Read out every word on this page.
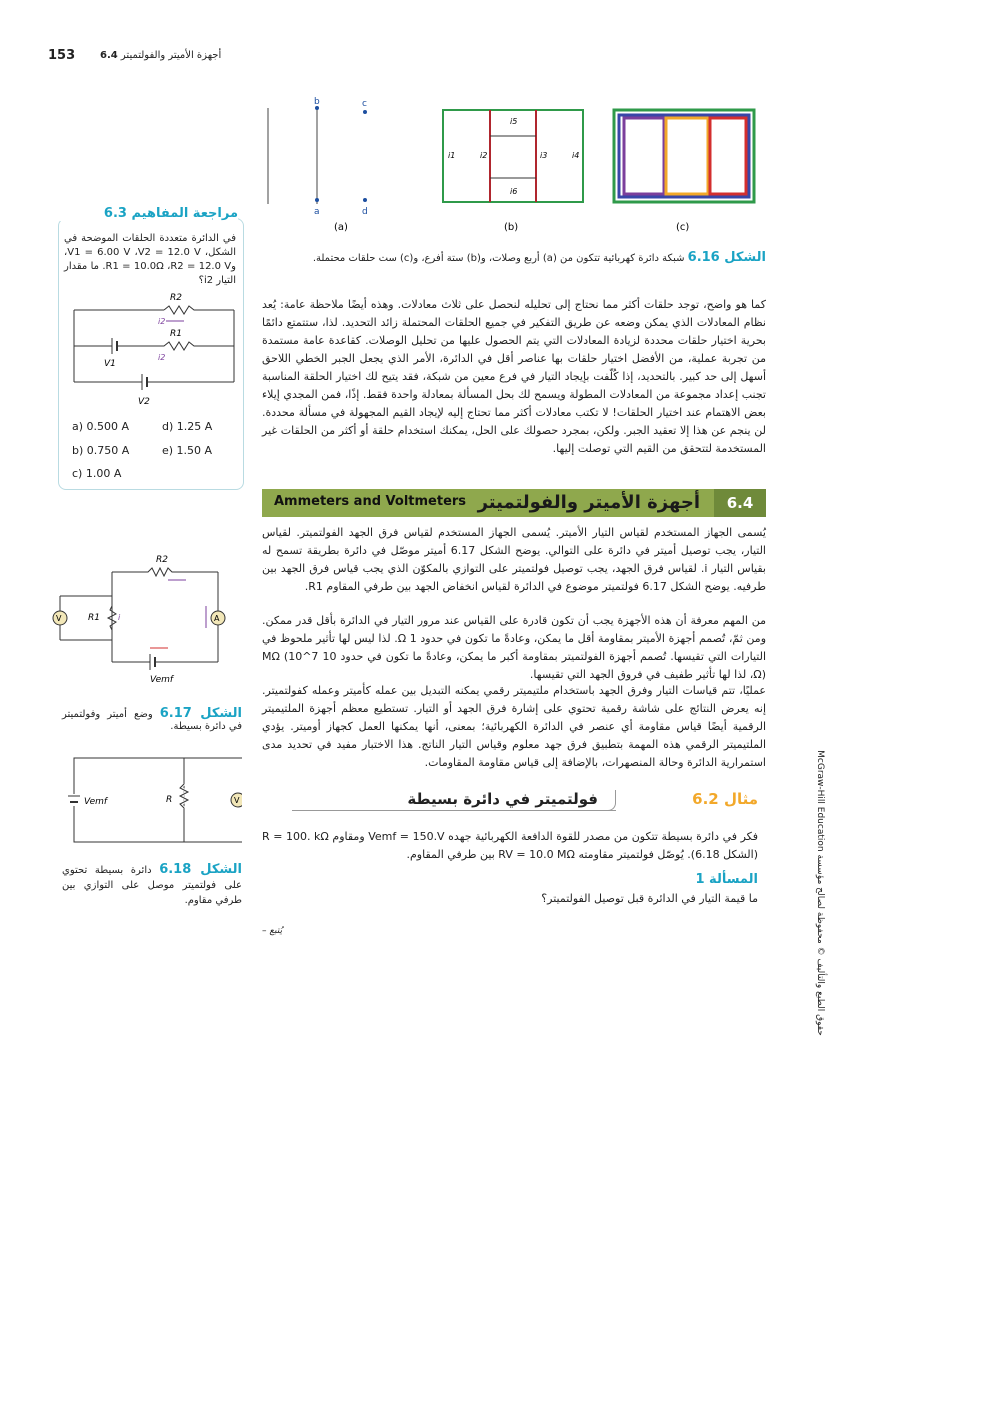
153	أجهزة الأميتر والفولتميتر 6.4
b	c
a	d
(a)
i5
i1	i2	i3	i4
i6
(b)	(c)
الشكل 6.16 شبكة دائرة كهربائية تتكون من (a) أربع وصلات، و(b) ستة أفرع، و(c) ست حلقات محتملة.
كما هو واضح، توجد حلقات أكثر مما نحتاج إلى تحليله لنحصل على ثلاث معادلات. وهذه أيضًا ملاحظة عامة: يُعد نظام المعادلات الذي يمكن وضعه عن طريق التفكير في جميع الحلقات المحتملة زائد التحديد. لذا، ستتمتع دائمًا بحرية اختيار حلقات محددة لزيادة المعادلات التي يتم الحصول عليها من تحليل الوصلات. كقاعدة عامة مستمدة من تجربة عملية، من الأفضل اختيار حلقات بها عناصر أقل في الدائرة، الأمر الذي يجعل الجبر الخطي اللاحق أسهل إلى حد كبير. بالتحديد، إذا كُلّفت بإيجاد التيار في فرع معين من شبكة، فقد يتيح لك اختيار الحلقة المناسبة تجنب إعداد مجموعة من المعادلات المطولة ويسمح لك بحل المسألة بمعادلة واحدة فقط. إذًا، فمن المجدي إيلاء بعض الاهتمام عند اختيار الحلقات! لا تكتب معادلات أكثر مما تحتاج إليه لإيجاد القيم المجهولة في مسألة محددة. لن ينجم عن هذا إلا تعقيد الجبر. ولكن، بمجرد حصولك على الحل، يمكنك استخدام حلقة أو أكثر من الحلقات غير المستخدمة لتتحقق من القيم التي توصلت إليها.
6.4
Ammeters and Voltmeters أجهزة الأميتر والفولتميتر
يُسمى الجهاز المستخدم لقياس التيار الأميتر. يُسمى الجهاز المستخدم لقياس فرق الجهد الفولتميتر. لقياس التيار، يجب توصيل أميتر في دائرة على التوالي. يوضح الشكل 6.17 أميتر موصّل في دائرة بطريقة تسمح له بقياس التيار i. لقياس فرق الجهد، يجب توصيل فولتميتر على التوازي بالمكوّن الذي يجب قياس فرق الجهد بين طرفيه. يوضح الشكل 6.17 فولتميتر موضوع في الدائرة لقياس انخفاض الجهد بين طرفي المقاوم R1.
من المهم معرفة أن هذه الأجهزة يجب أن تكون قادرة على القياس عند مرور التيار في الدائرة بأقل قدر ممكن. ومن ثمّ، تُصمم أجهزة الأميتر بمقاومة أقل ما يمكن، وعادةً ما تكون في حدود 1 Ω. لذا ليس لها تأثير ملحوظ في التيارات التي تقيسها. تُصمم أجهزة الفولتميتر بمقاومة أكبر ما يمكن، وعادةً ما تكون في حدود 10 MΩ (10^7 Ω)، لذا لها تأثير طفيف في فروق الجهد التي تقيسها.
عمليًا، تتم قياسات التيار وفرق الجهد باستخدام ملتيميتر رقمي يمكنه التبديل بين عمله كأميتر وعمله كفولتميتر. إنه يعرض النتائج على شاشة رقمية تحتوي على إشارة فرق الجهد أو التيار. تستطيع معظم أجهزة الملتيميتر الرقمية أيضًا قياس مقاومة أي عنصر في الدائرة الكهربائية؛ بمعنى، أنها يمكنها العمل كجهاز أوميتر. يؤدي الملتيميتر الرقمي هذه المهمة بتطبيق فرق جهد معلوم وقياس التيار الناتج. هذا الاختبار مفيد في تحديد مدى استمرارية الدائرة وحالة المنصهرات، بالإضافة إلى قياس مقاومة المقاومات.
فولتميتر في دائرة بسيطة	مثال 6.2
فكر في دائرة بسيطة تتكون من مصدر للقوة الدافعة الكهربائية جهده Vemf = 150.V ومقاوم R = 100. kΩ (الشكل 6.18). يُوصّل فولتميتر مقاومته RV = 10.0 MΩ بين طرفي المقاوم.
المسألة 1
ما قيمة التيار في الدائرة قبل توصيل الفولتميتر؟
– يُتبع
مراجعة المفاهيم 6.3
في الدائرة متعددة الحلقات الموضحة في الشكل، V1 = 6.00 V ،V2 = 12.0 V، وR1 = 10.0Ω ،R2 = 12.0 V. ما مقدار التيار i2؟
R2
i2
R1
i2
V1
V2
a) 0.500 A	d) 1.25 A
b) 0.750 A	e) 1.50 A
c) 1.00 A
R2
R1 i
V	A
Vemf
الشكل 6.17 وضع أميتر وفولتميتر في دائرة بسيطة.
Vemf	R	V
الشكل 6.18 دائرة بسيطة تحتوي على فولتميتر موصل على التوازي بين طرفي مقاوم.
حقوق الطبع والتأليف © محفوظة لصالح مؤسسة McGraw-Hill Education
